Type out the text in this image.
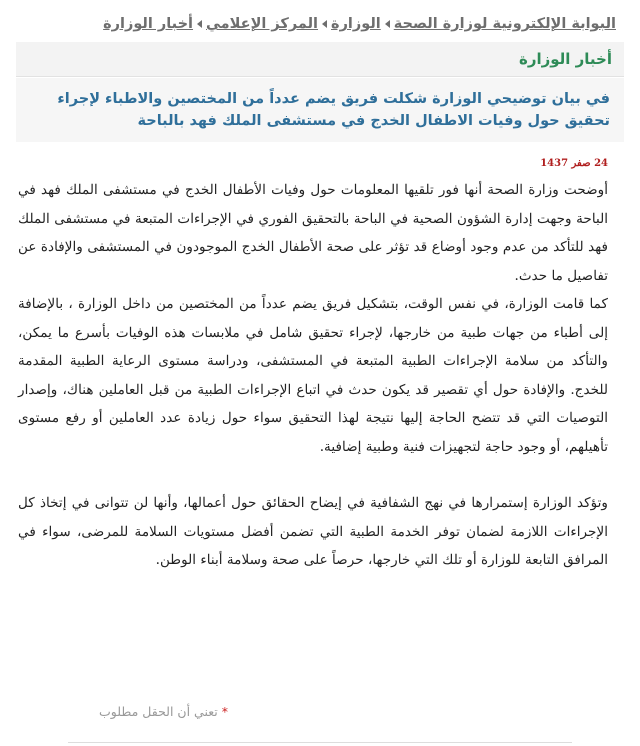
البوابة الإلكترونية لوزارة الصحة
الوزارة
المركز الإعلامي
أخبار الوزارة
أخبار الوزارة
في بيان توضيحي الوزارة شكلت فريق يضم عدداً من المختصين والاطباء لإجراء تحقيق حول وفيات الاطفال الخدج في مستشفى الملك فهد بالباحة
24 صفر 1437

أوضحت وزارة الصحة أنها فور تلقيها المعلومات حول وفيات الأطفال الخدج في مستشفى الملك فهد في الباحة وجهت إدارة الشؤون الصحية في الباحة بالتحقيق الفوري في الإجراءات المتبعة في مستشفى الملك فهد للتأكد من عدم وجود أوضاع قد تؤثر على صحة الأطفال الخدج الموجودون في المستشفى والإفادة عن تفاصيل ما حدث.

كما قامت الوزارة، في نفس الوقت، بتشكيل فريق يضم عدداً من المختصين من داخل الوزارة ، بالإضافة إلى أطباء من جهات طبية من خارجها، لإجراء تحقيق شامل في ملابسات هذه الوفيات بأسرع ما يمكن، والتأكد من سلامة الإجراءات الطبية المتبعة في المستشفى، ودراسة مستوى الرعاية الطبية المقدمة للخدج. والإفادة حول أي تقصير قد يكون حدث في اتباع الإجراءات الطبية من قبل العاملين هناك، وإصدار التوصيات التي قد تتضح الحاجة إليها نتيجة لهذا التحقيق سواء حول زيادة عدد العاملين أو رفع مستوى تأهيلهم، أو وجود حاجة لتجهيزات فنية وطبية إضافية.

وتؤكد الوزارة إستمرارها في نهج الشفافية في إيضاح الحقائق حول أعمالها، وأنها لن تتوانى في إتخاذ كل الإجراءات اللازمة لضمان توفر الخدمة الطبية التي تضمن أفضل مستويات السلامة للمرضى، سواء في المرافق التابعة للوزارة أو تلك التي خارجها، حرصاً على صحة وسلامة أبناء الوطن.

*تعني أن الحقل مطلوب
